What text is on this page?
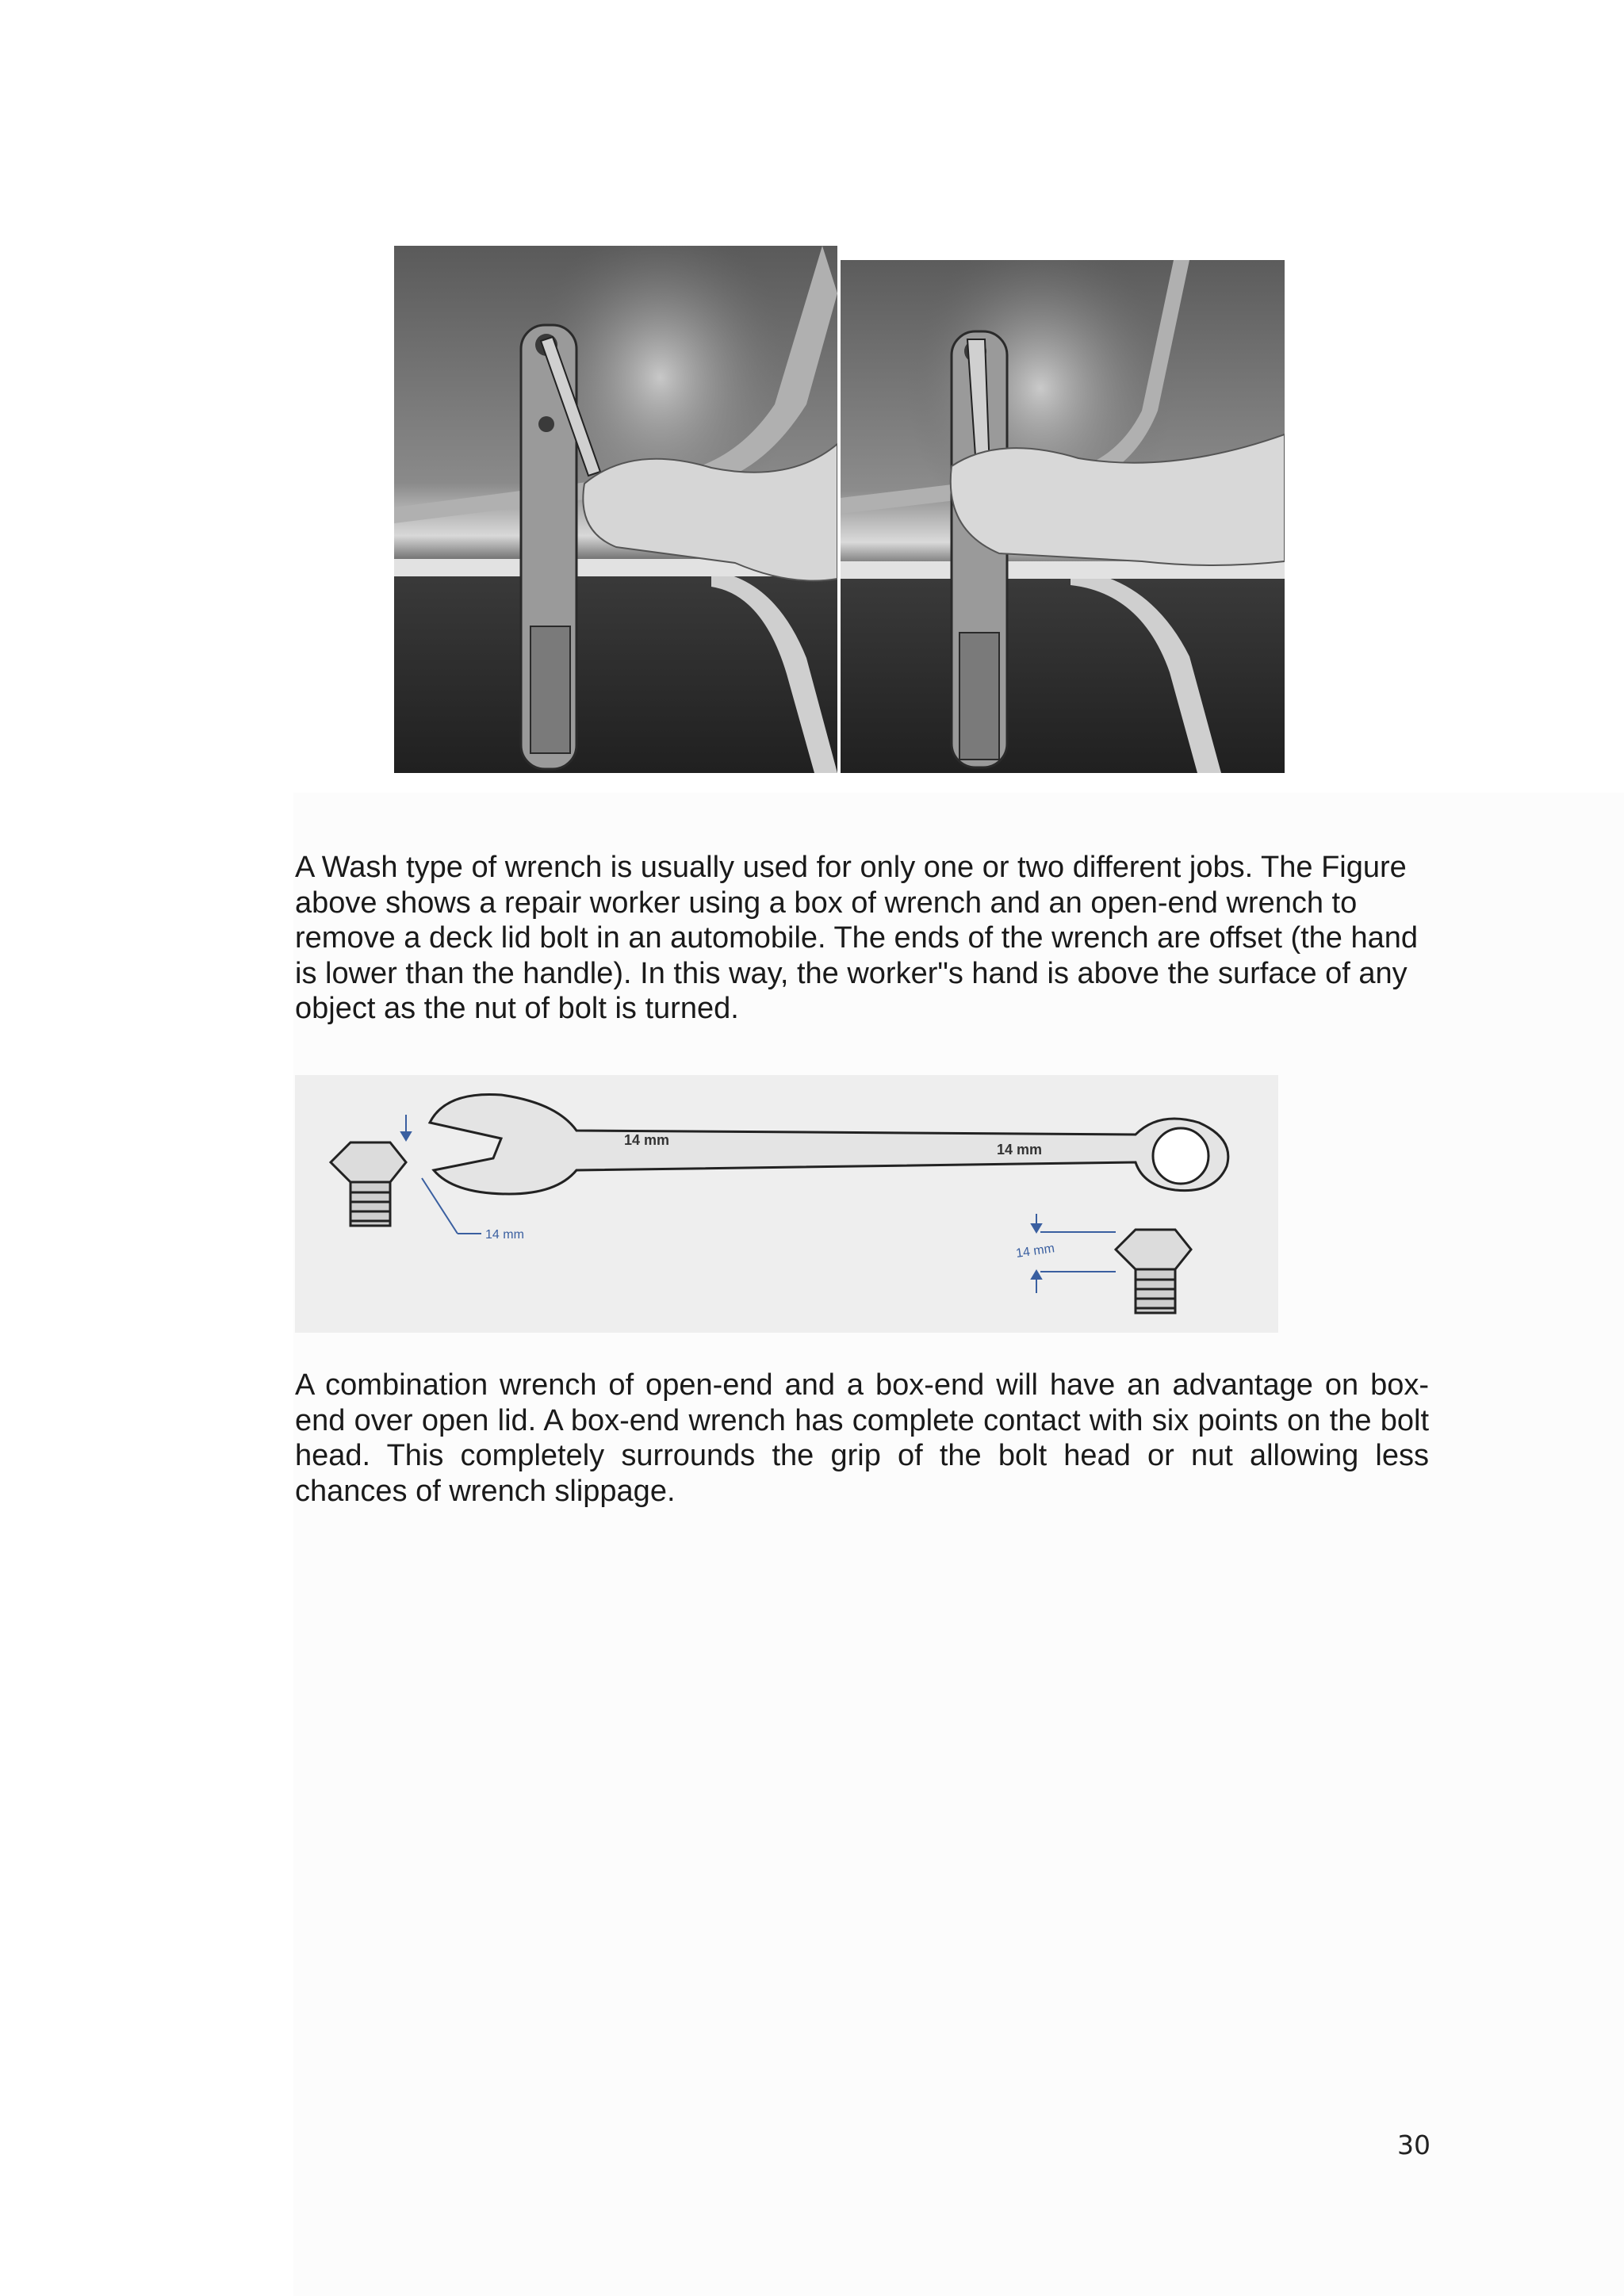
A Wash type of wrench is usually used for only one or two different jobs. The Figure above shows a repair worker using a box of wrench and an open-end wrench to remove a deck lid bolt in an automobile. The ends of the wrench are offset (the hand is lower than the handle). In this way, the worker"s hand is above the surface of any object as the nut of bolt is turned.

14 mm
14 mm
14 mm
14 mm

A combination wrench of open-end and a box-end will have an advantage on box-end over open lid. A box-end wrench has complete contact with six points on the bolt head. This completely surrounds the grip of the bolt head or nut allowing less chances of wrench slippage.

30
